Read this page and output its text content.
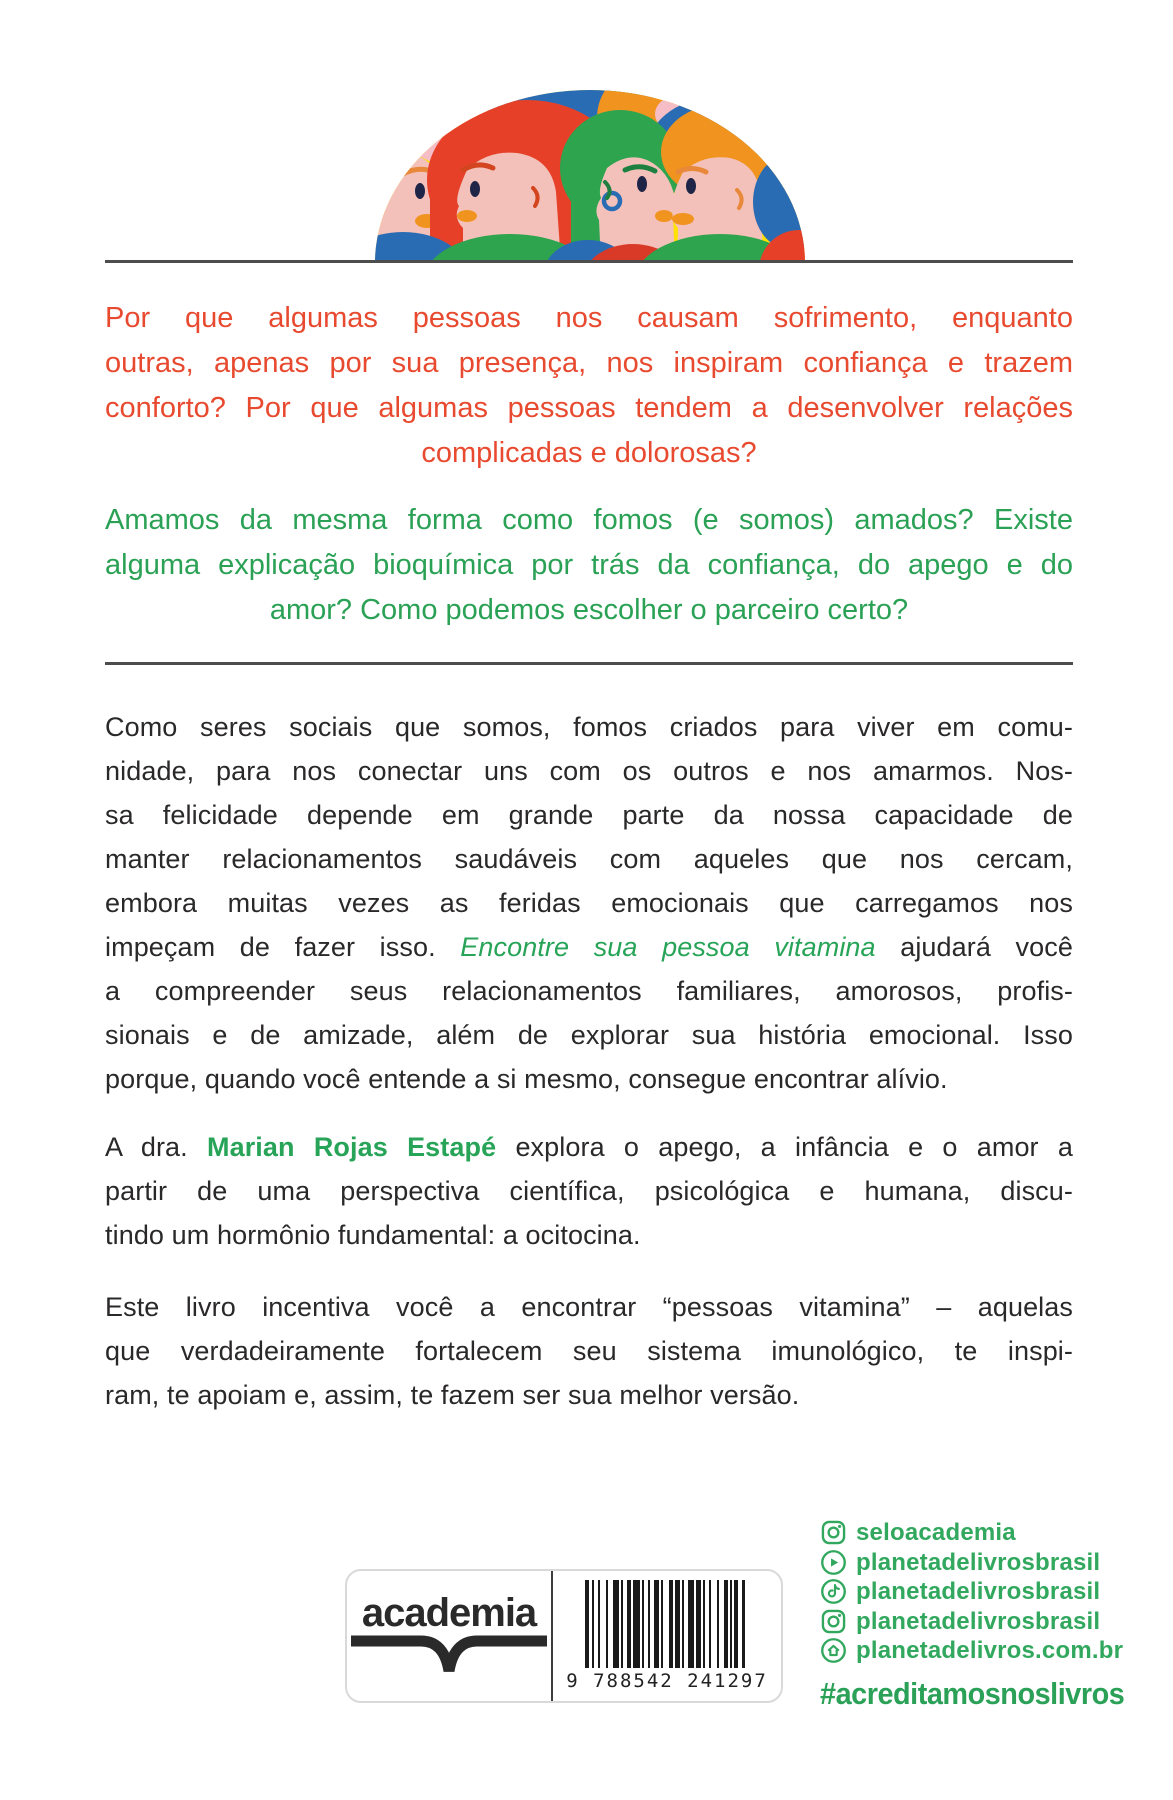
Por que algumas pessoas nos causam sofrimento, enquanto
outras, apenas por sua presença, nos inspiram confiança e trazem
conforto? Por que algumas pessoas tendem a desenvolver relações
complicadas e dolorosas?
Amamos da mesma forma como fomos (e somos) amados? Existe
alguma explicação bioquímica por trás da confiança, do apego e do
amor? Como podemos escolher o parceiro certo?
Como seres sociais que somos, fomos criados para viver em comu-
nidade, para nos conectar uns com os outros e nos amarmos. Nos-
sa felicidade depende em grande parte da nossa capacidade de
manter relacionamentos saudáveis com aqueles que nos cercam,
embora muitas vezes as feridas emocionais que carregamos nos
impeçam de fazer isso. Encontre sua pessoa vitamina ajudará você
a compreender seus relacionamentos familiares, amorosos, profis-
sionais e de amizade, além de explorar sua história emocional. Isso
porque, quando você entende a si mesmo, consegue encontrar alívio.
A dra. Marian Rojas Estapé explora o apego, a infância e o amor a
partir de uma perspectiva científica, psicológica e humana, discu-
tindo um hormônio fundamental: a ocitocina.
Este livro incentiva você a encontrar “pessoas vitamina” – aquelas
que verdadeiramente fortalecem seu sistema imunológico, te inspi-
ram, te apoiam e, assim, te fazem ser sua melhor versão.
academia
9 788542 241297
seloacademia
planetadelivrosbrasil
planetadelivrosbrasil
planetadelivrosbrasil
planetadelivros.com.br
#acreditamosnoslivros
